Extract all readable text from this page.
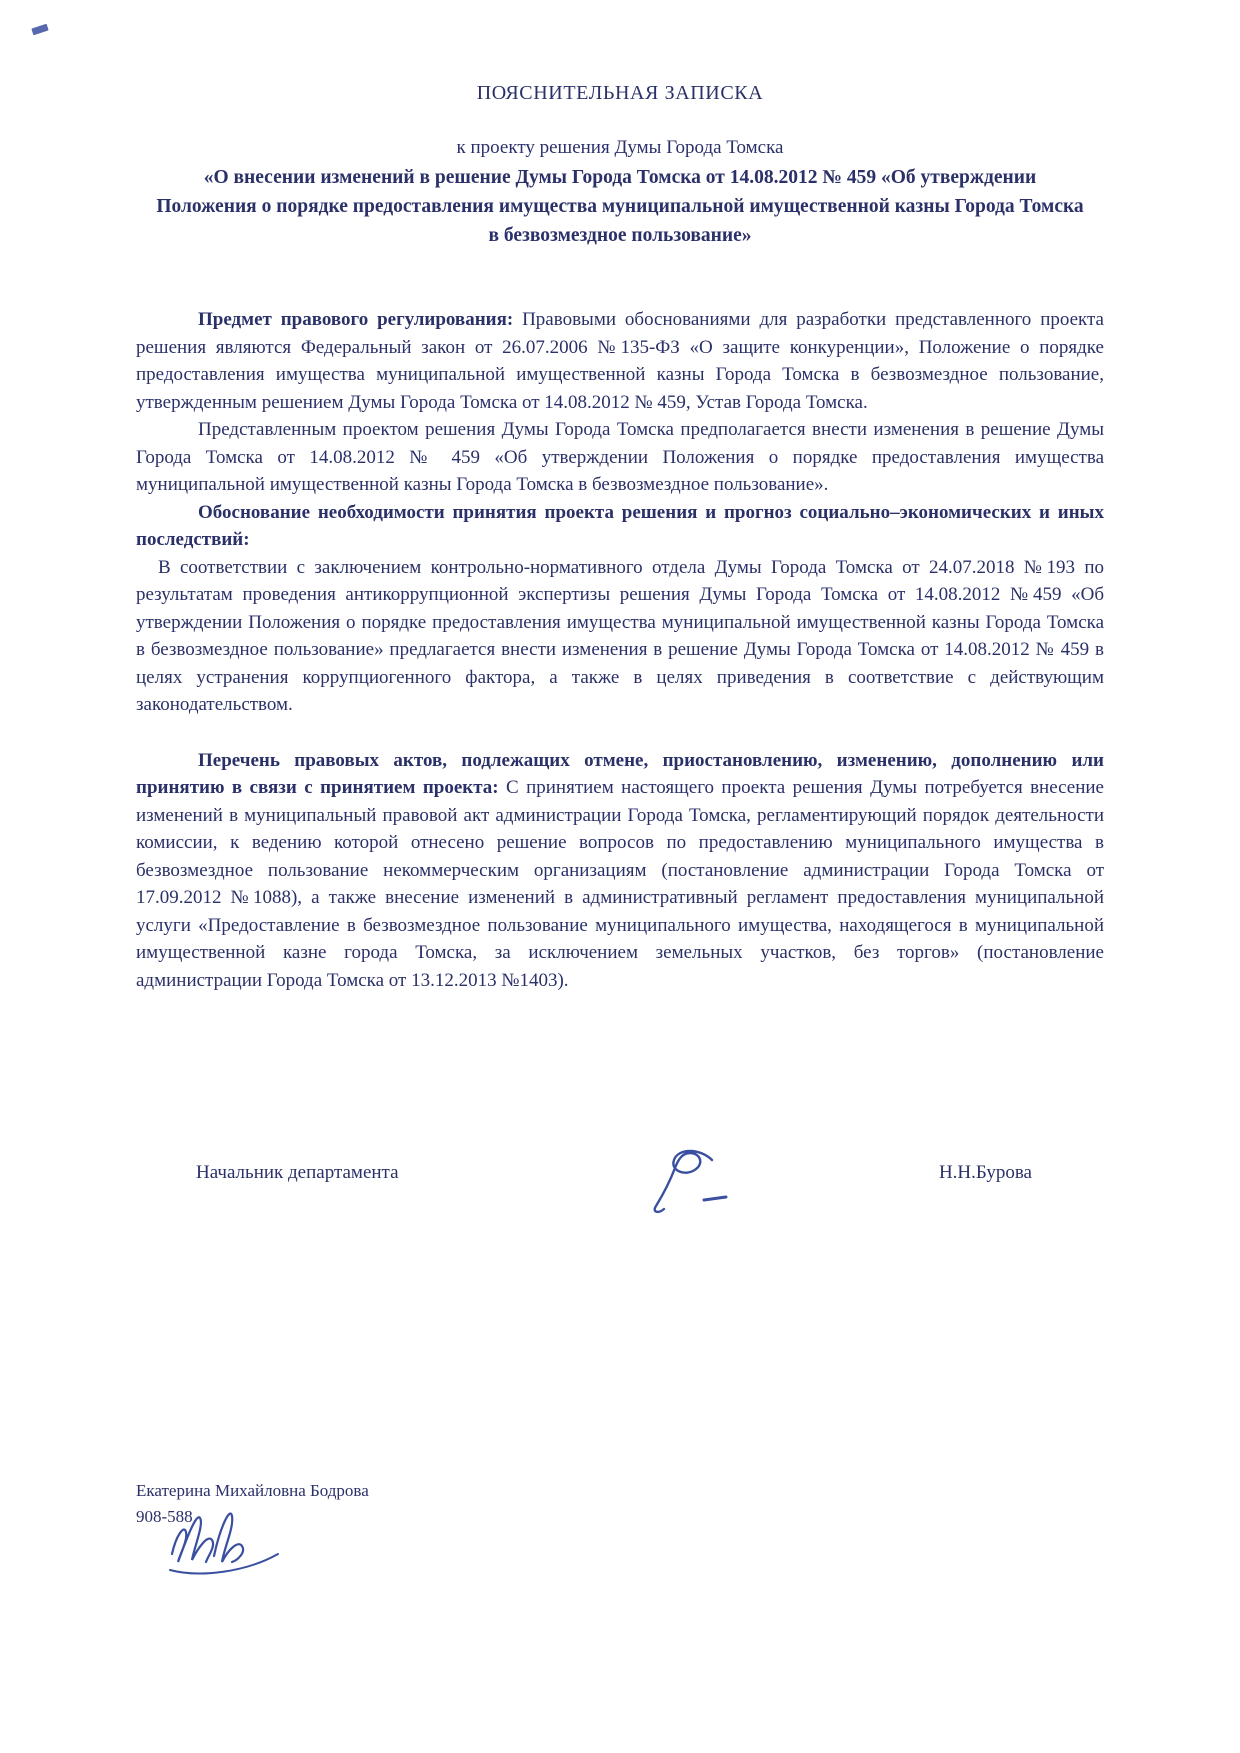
ПОЯСНИТЕЛЬНАЯ ЗАПИСКА
к проекту решения Думы Города Томска
«О внесении изменений в решение Думы Города Томска от 14.08.2012 № 459 «Об утверждении Положения о порядке предоставления имущества муниципальной имущественной казны Города Томска в безвозмездное пользование»

Предмет правового регулирования: Правовыми обоснованиями для разработки представленного проекта решения являются Федеральный закон от 26.07.2006 №135-ФЗ «О защите конкуренции», Положение о порядке предоставления имущества муниципальной имущественной казны Города Томска в безвозмездное пользование, утвержденным решением Думы Города Томска от 14.08.2012 № 459, Устав Города Томска.

Представленным проектом решения Думы Города Томска предполагается внести изменения в решение Думы Города Томска от 14.08.2012 № 459 «Об утверждении Положения о порядке предоставления имущества муниципальной имущественной казны Города Томска в безвозмездное пользование».

Обоснование необходимости принятия проекта решения и прогноз социально–экономических и иных последствий:

В соответствии с заключением контрольно-нормативного отдела Думы Города Томска от 24.07.2018 №193 по результатам проведения антикоррупционной экспертизы решения Думы Города Томска от 14.08.2012 №459 «Об утверждении Положения о порядке предоставления имущества муниципальной имущественной казны Города Томска в безвозмездное пользование» предлагается внести изменения в решение Думы Города Томска от 14.08.2012 № 459 в целях устранения коррупциогенного фактора, а также в целях приведения в соответствие с действующим законодательством.

Перечень правовых актов, подлежащих отмене, приостановлению, изменению, дополнению или принятию в связи с принятием проекта: С принятием настоящего проекта решения Думы потребуется внесение изменений в муниципальный правовой акт администрации Города Томска, регламентирующий порядок деятельности комиссии, к ведению которой отнесено решение вопросов по предоставлению муниципального имущества в безвозмездное пользование некоммерческим организациям (постановление администрации Города Томска от 17.09.2012 №1088), а также внесение изменений в административный регламент предоставления муниципальной услуги «Предоставление в безвозмездное пользование муниципального имущества, находящегося в муниципальной имущественной казне города Томска, за исключением земельных участков, без торгов» (постановление администрации Города Томска от 13.12.2013 №1403).

Начальник департамента	Н.Н.Бурова
Екатерина Михайловна Бодрова
908-588
